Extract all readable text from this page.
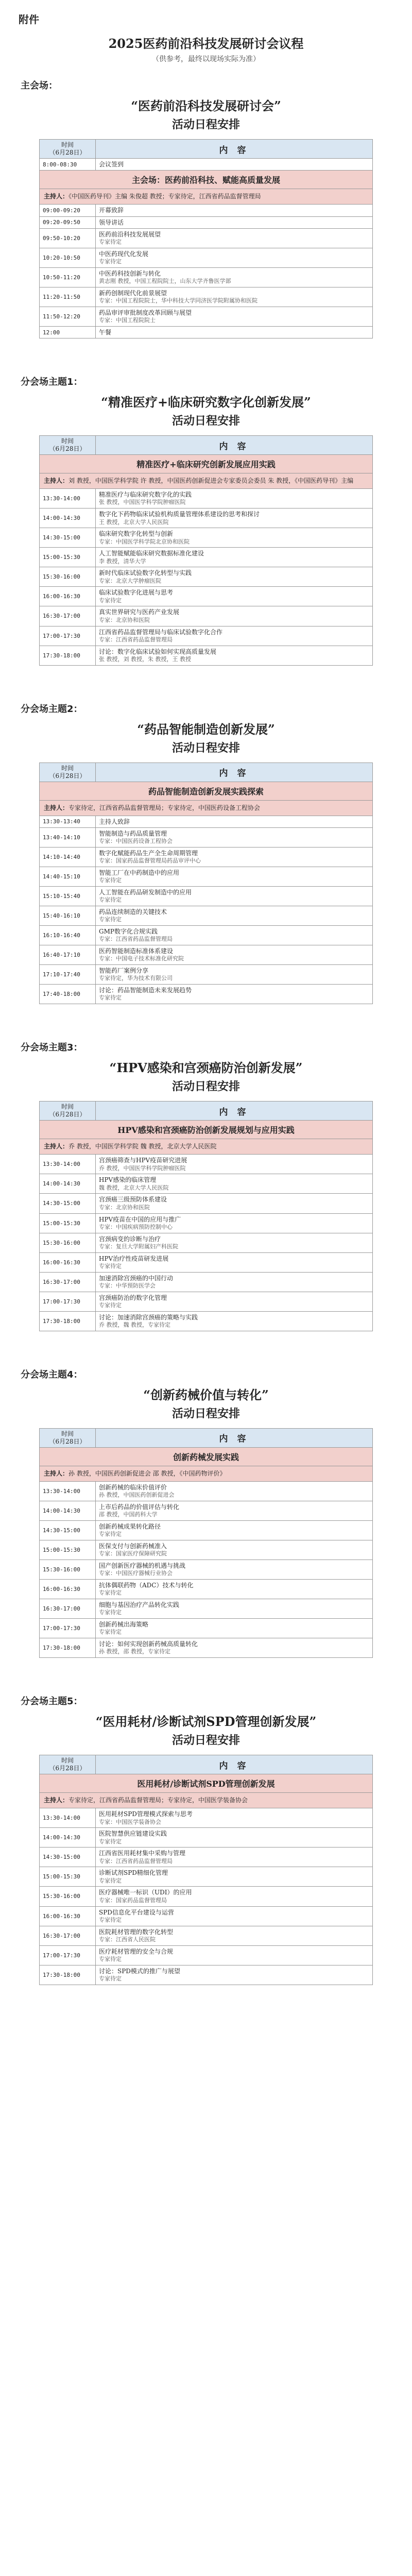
附件
2025医药前沿科技发展研讨会议程
（供参考，最终以现场实际为准）
主会场：
“医药前沿科技发展研讨会”
活动日程安排
时间
（6月28日）	内 容
8:00-08:30	会议签到
主会场：医药前沿科技、赋能高质量发展	
主持人：《中国医药导刊》主编 朱俊超 教授；专家待定，江西省药品监督管理局	
09:00-09:20	开幕致辞
09:20-09:50	领导讲话
09:50-10:20	医药前沿科技发展展望
专家待定

10:20-10:50	中医药现代化发展
专家待定

10:50-11:20	中医药科技创新与转化
黄志刚 教授，中国工程院院士，山东大学齐鲁医学部

11:20-11:50	新药创制现代化前景展望
专家：中国工程院院士，华中科技大学同济医学院附属协和医院

11:50-12:20	药品审评审批制度改革回顾与展望
专家：中国工程院院士

12:00	午餐
分会场主题1：
“精准医疗+临床研究数字化创新发展”
活动日程安排
时间
（6月28日）	内 容
精准医疗+临床研究创新发展应用实践	
主持人：刘 教授，中国医学科学院 许 教授，中国医药创新促进会专家委员会委员 朱 教授，《中国医药导刊》主编	
13:30-14:00	精准医疗与临床研究数字化的实践
张 教授，中国医学科学院肿瘤医院

14:00-14:30	数字化下药物临床试验机构质量管理体系建设的思考和探讨
王 教授，北京大学人民医院

14:30-15:00	临床研究数字化转型与创新
专家：中国医学科学院北京协和医院

15:00-15:30	人工智能赋能临床研究数据标准化建设
李 教授，清华大学

15:30-16:00	新时代临床试验数字化转型与实践
专家：北京大学肿瘤医院

16:00-16:30	临床试验数字化进展与思考
专家待定

16:30-17:00	真实世界研究与医药产业发展
专家：北京协和医院

17:00-17:30	江西省药品监督管理局与临床试验数字化合作
专家：江西省药品监督管理局

17:30-18:00	讨论：数字化临床试验如何实现高质量发展
张 教授，刘 教授，朱 教授，王 教授
分会场主题2：
“药品智能制造创新发展”
活动日程安排
时间
（6月28日）	内 容
药品智能制造创新发展实践探索	
主持人：专家待定，江西省药品监督管理局；专家待定，中国医药设备工程协会	
13:30-13:40	主持人致辞
13:40-14:10	智能制造与药品质量管理
专家：中国医药设备工程协会

14:10-14:40	数字化赋能药品生产全生命周期管理
专家：国家药品监督管理局药品审评中心

14:40-15:10	智能工厂在中药制造中的应用
专家待定

15:10-15:40	人工智能在药品研发制造中的应用
专家待定

15:40-16:10	药品连续制造的关键技术
专家待定

16:10-16:40	GMP数字化合规实践
专家：江西省药品监督管理局

16:40-17:10	医药智能制造标准体系建设
专家：中国电子技术标准化研究院

17:10-17:40	智能药厂案例分享
专家待定，华为技术有限公司

17:40-18:00	讨论：药品智能制造未来发展趋势
专家待定
分会场主题3：
“HPV感染和宫颈癌防治创新发展”
活动日程安排
时间
（6月28日）	内 容
HPV感染和宫颈癌防治创新发展规划与应用实践	
主持人：乔 教授，中国医学科学院 魏 教授，北京大学人民医院	
13:30-14:00	宫颈癌筛查与HPV疫苗研究进展
乔 教授，中国医学科学院肿瘤医院

14:00-14:30	HPV感染的临床管理
魏 教授，北京大学人民医院

14:30-15:00	宫颈癌三级预防体系建设
专家：北京协和医院

15:00-15:30	HPV疫苗在中国的应用与推广
专家：中国疾病预防控制中心

15:30-16:00	宫颈病变的诊断与治疗
专家：复旦大学附属妇产科医院

16:00-16:30	HPV治疗性疫苗研发进展
专家待定

16:30-17:00	加速消除宫颈癌的中国行动
专家：中华预防医学会

17:00-17:30	宫颈癌防治的数字化管理
专家待定

17:30-18:00	讨论：加速消除宫颈癌的策略与实践
乔 教授，魏 教授，专家待定
分会场主题4：
“创新药械价值与转化”
活动日程安排
时间
（6月28日）	内 容
创新药械发展实践	
主持人：孙 教授，中国医药创新促进会 邵 教授，《中国药物评价》	
13:30-14:00	创新药械的临床价值评价
孙 教授，中国医药创新促进会

14:00-14:30	上市后药品的价值评估与转化
邵 教授，中国药科大学

14:30-15:00	创新药械成果转化路径
专家待定

15:00-15:30	医保支付与创新药械准入
专家：国家医疗保障研究院

15:30-16:00	国产创新医疗器械的机遇与挑战
专家：中国医疗器械行业协会

16:00-16:30	抗体偶联药物（ADC）技术与转化
专家待定

16:30-17:00	细胞与基因治疗产品转化实践
专家待定

17:00-17:30	创新药械出海策略
专家待定

17:30-18:00	讨论：如何实现创新药械高质量转化
孙 教授，邵 教授，专家待定
分会场主题5：
“医用耗材/诊断试剂SPD管理创新发展”
活动日程安排
时间
（6月28日）	内 容
医用耗材/诊断试剂SPD管理创新发展	
主持人：专家待定，江西省药品监督管理局；专家待定，中国医学装备协会	
13:30-14:00	医用耗材SPD管理模式探索与思考
专家：中国医学装备协会

14:00-14:30	医院智慧供应链建设实践
专家待定

14:30-15:00	江西省医用耗材集中采购与管理
专家：江西省药品监督管理局

15:00-15:30	诊断试剂SPD精细化管理
专家待定

15:30-16:00	医疗器械唯一标识（UDI）的应用
专家：国家药品监督管理局

16:00-16:30	SPD信息化平台建设与运营
专家待定

16:30-17:00	医院耗材管理的数字化转型
专家：江西省人民医院

17:00-17:30	医疗耗材管理的安全与合规
专家待定

17:30-18:00	讨论：SPD模式的推广与展望
专家待定
